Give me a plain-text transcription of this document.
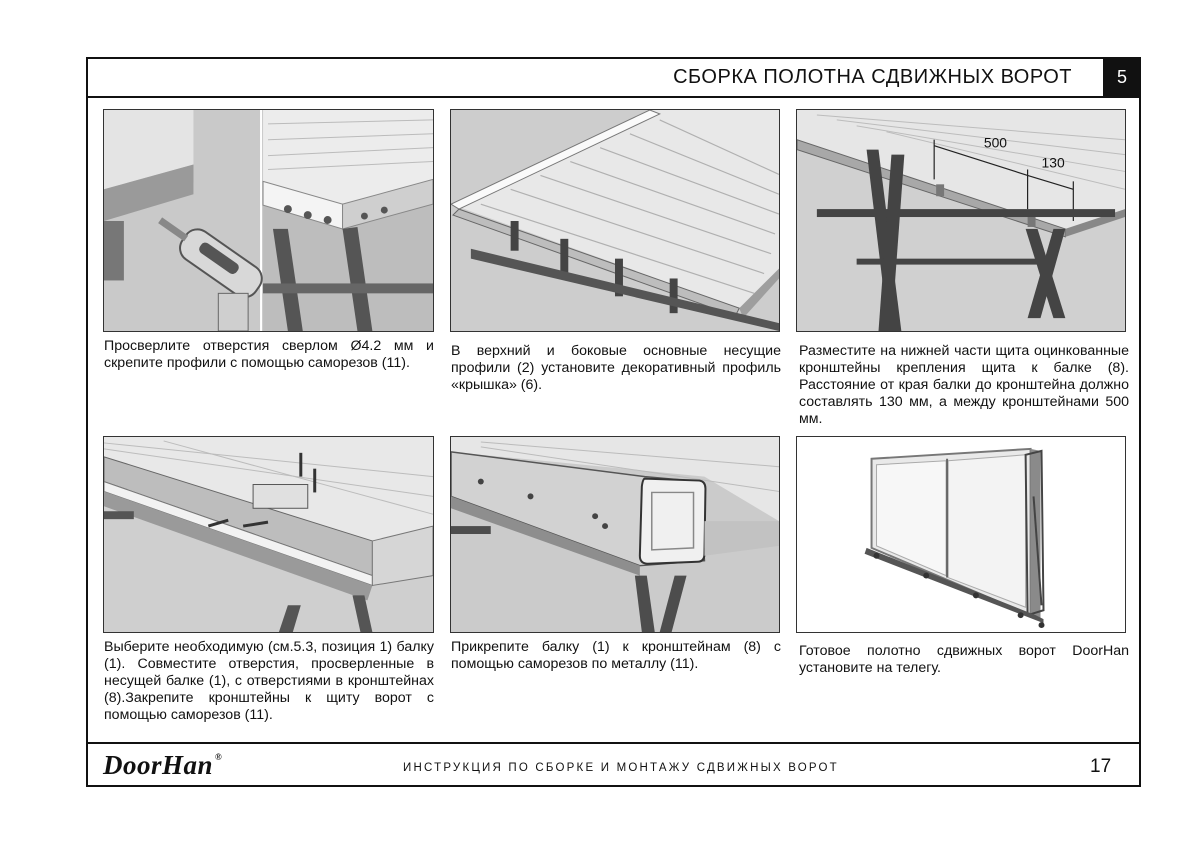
СБОРКА ПОЛОТНА СДВИЖНЫХ ВОРОТ	5

Просверлите отверстия сверлом Ø4.2 мм и скрепите профили с помощью саморезов (11).

В верхний и боковые основные несущие профили (2) установите декоративный профиль «крышка» (6).

500
130

Разместите на нижней части щита оцинкованные кронштейны крепления щита к балке (8). Расстояние от края балки до кронштейна должно составлять 130 мм, а между кронштейнами 500 мм.

Выберите необходимую (см.5.3, позиция 1) балку (1). Совместите отверстия, просверленные в несущей балке (1), с отверстиями в кронштейнах (8).Закрепите кронштейны к щиту ворот с помощью саморезов (11).

Прикрепите балку (1) к кронштейнам (8) с помощью саморезов по металлу (11).

Готовое полотно сдвижных ворот DoorHan установите на телегу.

DoorHan ®
ИНСТРУКЦИЯ ПО СБОРКЕ И МОНТАЖУ СДВИЖНЫХ ВОРОТ	17
